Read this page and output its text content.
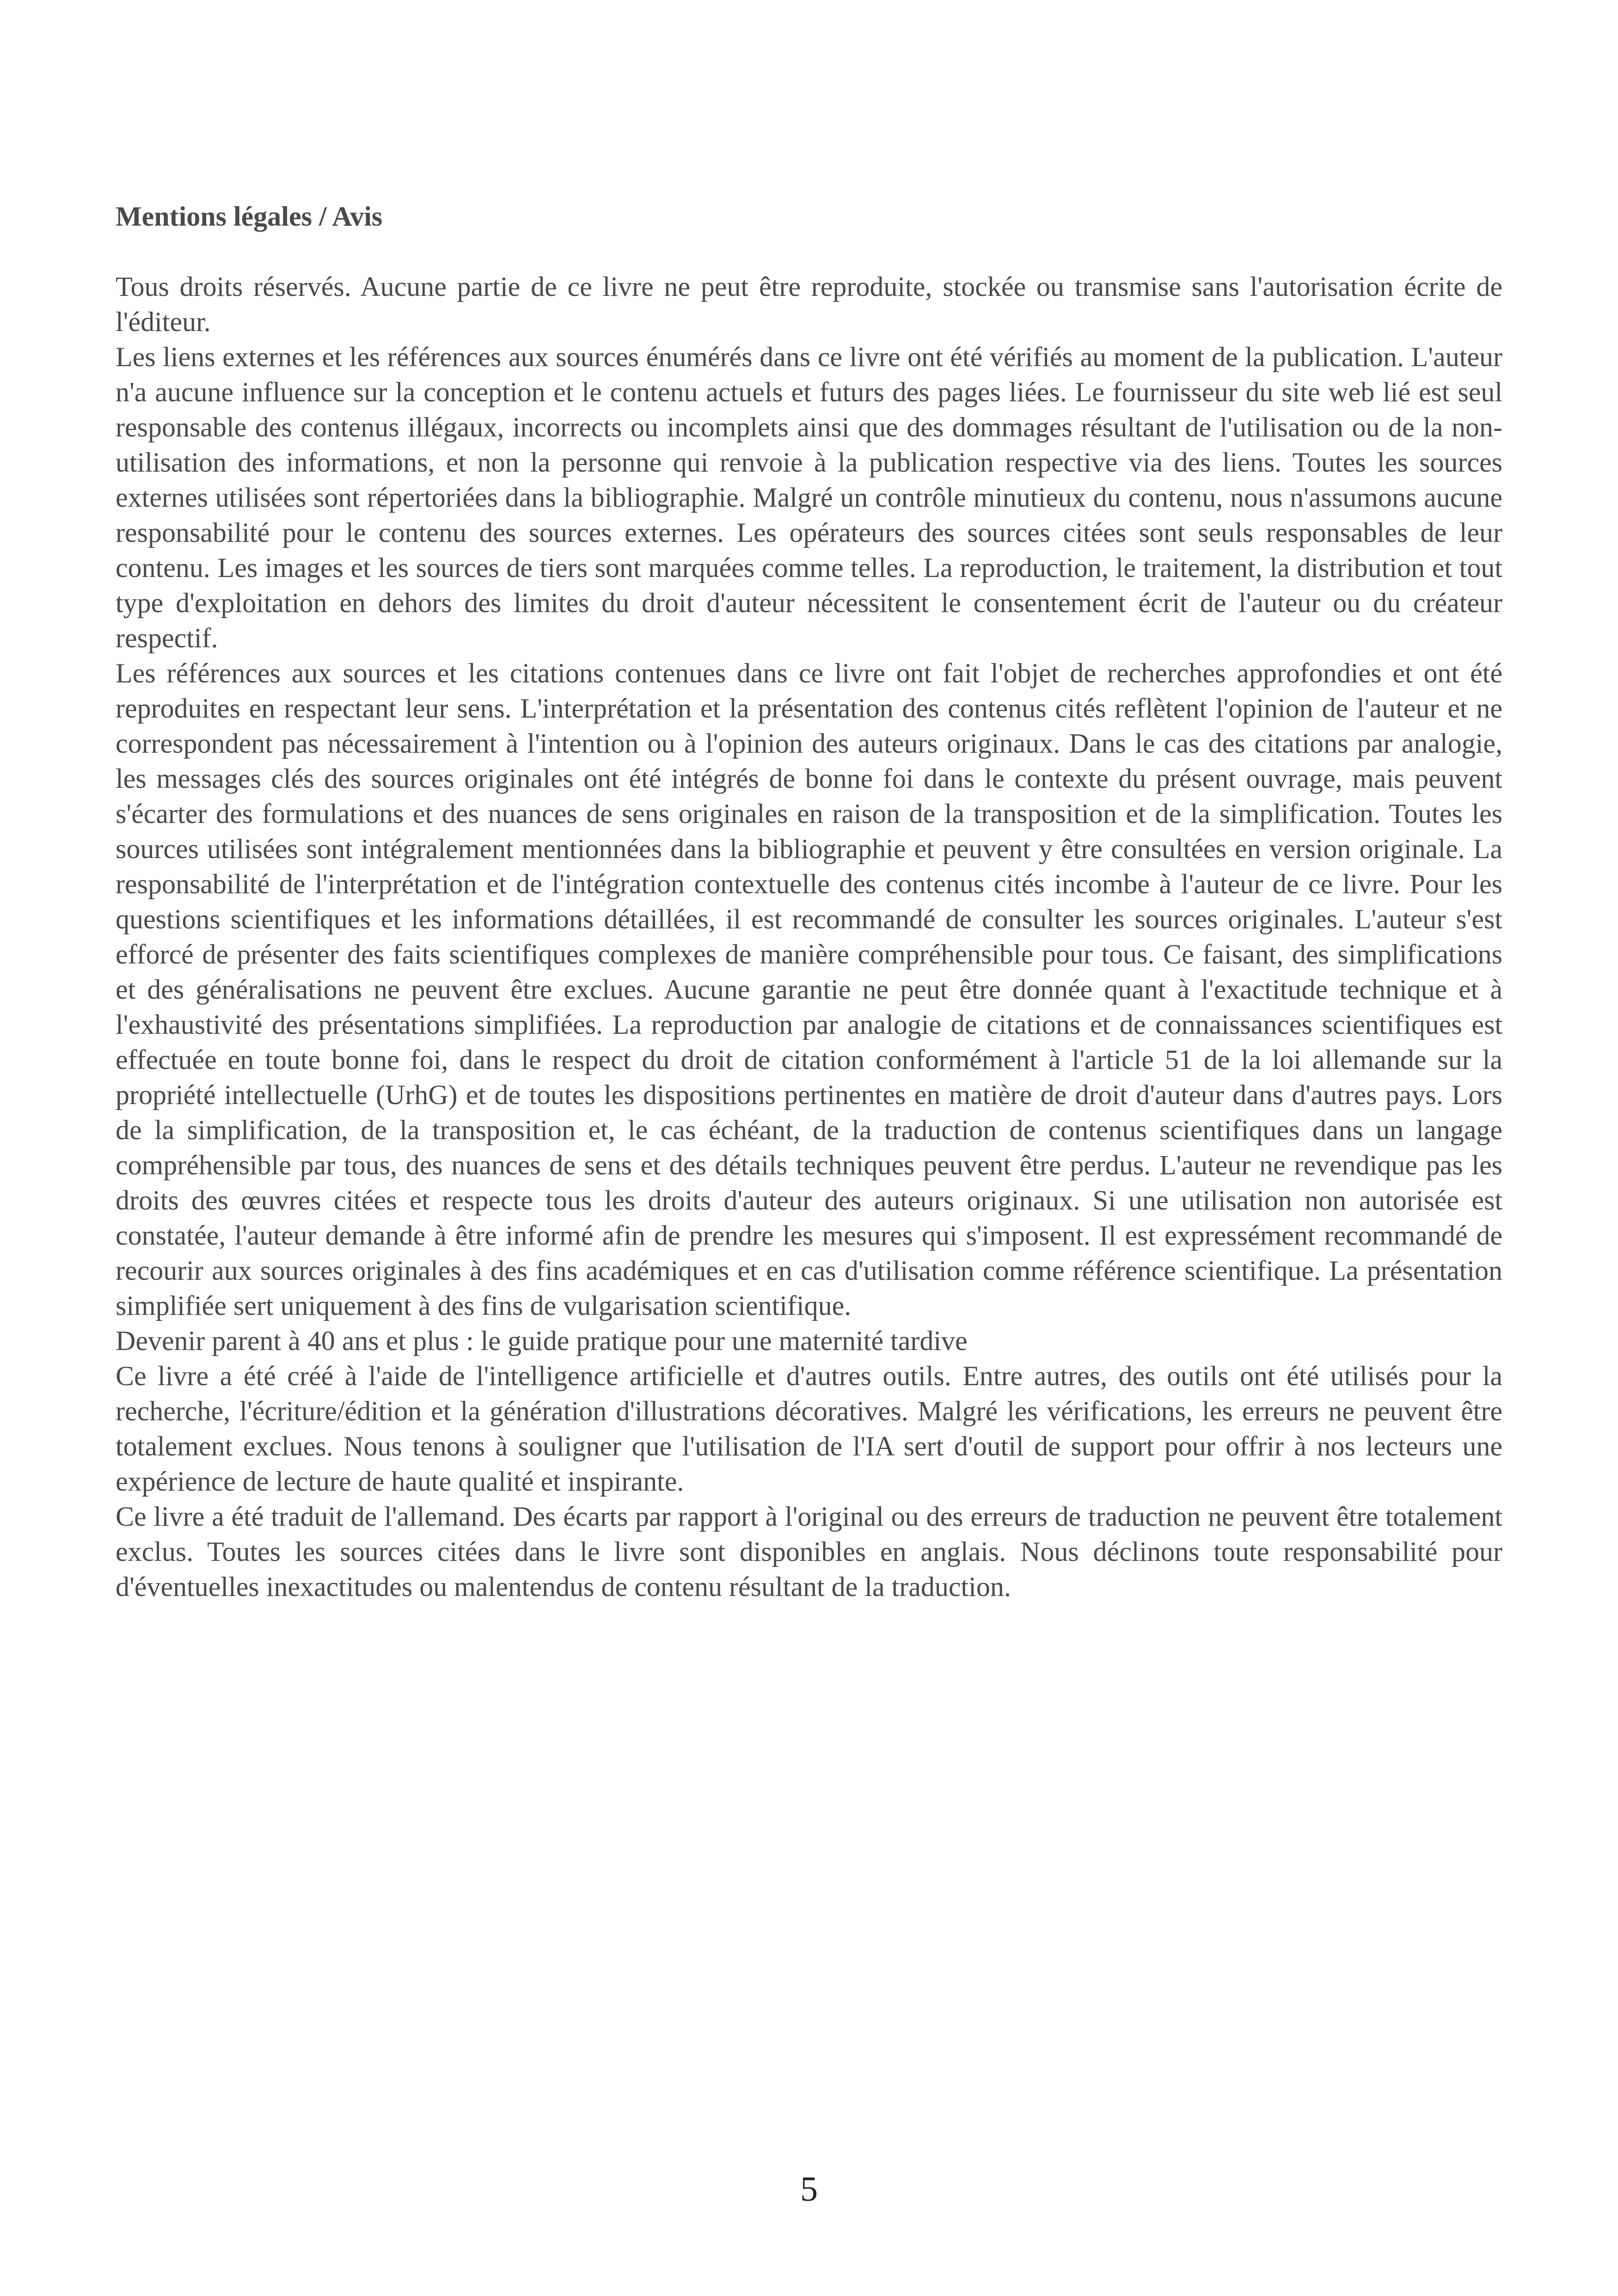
Mentions légales / Avis

Tous droits réservés. Aucune partie de ce livre ne peut être reproduite, stockée ou transmise sans l'autorisation écrite de l'éditeur.

Les liens externes et les références aux sources énumérés dans ce livre ont été vérifiés au moment de la publication. L'auteur n'a aucune influence sur la conception et le contenu actuels et futurs des pages liées. Le fournisseur du site web lié est seul responsable des contenus illégaux, incorrects ou incomplets ainsi que des dommages résultant de l'utilisation ou de la non-utilisation des informations, et non la personne qui renvoie à la publication respective via des liens. Toutes les sources externes utilisées sont répertoriées dans la bibliographie. Malgré un contrôle minutieux du contenu, nous n'assumons aucune responsabilité pour le contenu des sources externes. Les opérateurs des sources citées sont seuls responsables de leur contenu. Les images et les sources de tiers sont marquées comme telles. La reproduction, le traitement, la distribution et tout type d'exploitation en dehors des limites du droit d'auteur nécessitent le consentement écrit de l'auteur ou du créateur respectif.

Les références aux sources et les citations contenues dans ce livre ont fait l'objet de recherches approfondies et ont été reproduites en respectant leur sens. L'interprétation et la présentation des contenus cités reflètent l'opinion de l'auteur et ne correspondent pas nécessairement à l'intention ou à l'opinion des auteurs originaux. Dans le cas des citations par analogie, les messages clés des sources originales ont été intégrés de bonne foi dans le contexte du présent ouvrage, mais peuvent s'écarter des formulations et des nuances de sens originales en raison de la transposition et de la simplification. Toutes les sources utilisées sont intégralement mentionnées dans la bibliographie et peuvent y être consultées en version originale. La responsabilité de l'interprétation et de l'intégration contextuelle des contenus cités incombe à l'auteur de ce livre. Pour les questions scientifiques et les informations détaillées, il est recommandé de consulter les sources originales. L'auteur s'est efforcé de présenter des faits scientifiques complexes de manière compréhensible pour tous. Ce faisant, des simplifications et des généralisations ne peuvent être exclues. Aucune garantie ne peut être donnée quant à l'exactitude technique et à l'exhaustivité des présentations simplifiées. La reproduction par analogie de citations et de connaissances scientifiques est effectuée en toute bonne foi, dans le respect du droit de citation conformément à l'article 51 de la loi allemande sur la propriété intellectuelle (UrhG) et de toutes les dispositions pertinentes en matière de droit d'auteur dans d'autres pays. Lors de la simplification, de la transposition et, le cas échéant, de la traduction de contenus scientifiques dans un langage compréhensible par tous, des nuances de sens et des détails techniques peuvent être perdus. L'auteur ne revendique pas les droits des œuvres citées et respecte tous les droits d'auteur des auteurs originaux. Si une utilisation non autorisée est constatée, l'auteur demande à être informé afin de prendre les mesures qui s'imposent. Il est expressément recommandé de recourir aux sources originales à des fins académiques et en cas d'utilisation comme référence scientifique. La présentation simplifiée sert uniquement à des fins de vulgarisation scientifique.

Devenir parent à 40 ans et plus : le guide pratique pour une maternité tardive

Ce livre a été créé à l'aide de l'intelligence artificielle et d'autres outils. Entre autres, des outils ont été utilisés pour la recherche, l'écriture/édition et la génération d'illustrations décoratives. Malgré les vérifications, les erreurs ne peuvent être totalement exclues. Nous tenons à souligner que l'utilisation de l'IA sert d'outil de support pour offrir à nos lecteurs une expérience de lecture de haute qualité et inspirante.

Ce livre a été traduit de l'allemand. Des écarts par rapport à l'original ou des erreurs de traduction ne peuvent être totalement exclus. Toutes les sources citées dans le livre sont disponibles en anglais. Nous déclinons toute responsabilité pour d'éventuelles inexactitudes ou malentendus de contenu résultant de la traduction.

5
